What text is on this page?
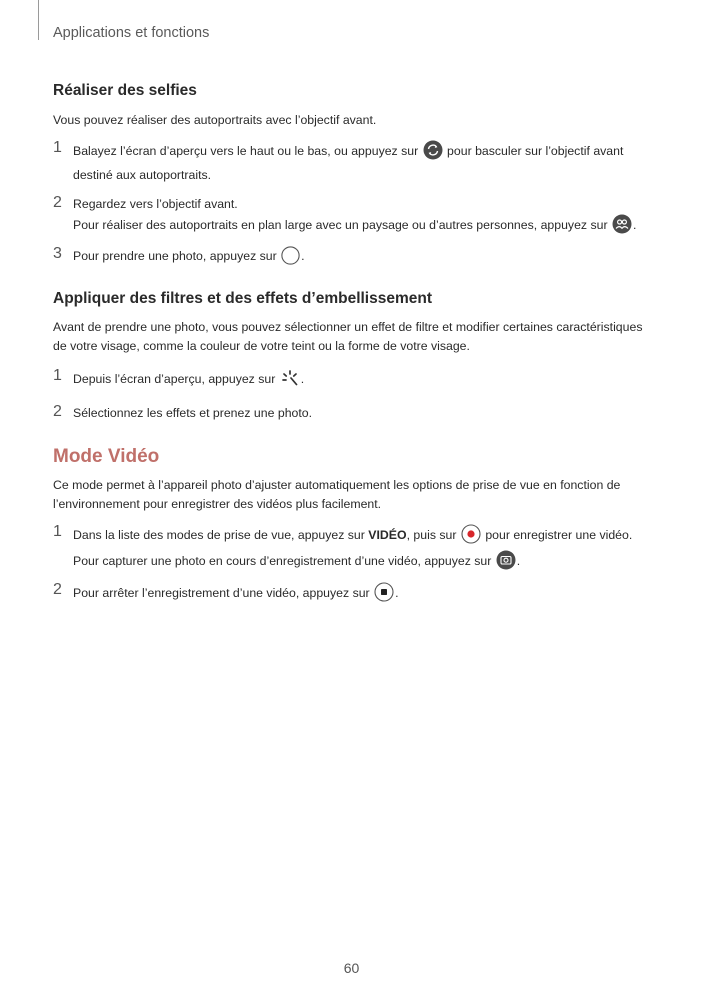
Applications et fonctions
Réaliser des selfies

Vous pouvez réaliser des autoportraits avec l’objectif avant.

1 Balayez l’écran d’aperçu vers le haut ou le bas, ou appuyez sur pour basculer sur l’objectif avant
destiné aux autoportraits.
2 Regardez vers l’objectif avant.
Pour réaliser des autoportraits en plan large avec un paysage ou d’autres personnes, appuyez sur .
3 Pour prendre une photo, appuyez sur .
Appliquer des filtres et des effets d’embellissement

Avant de prendre une photo, vous pouvez sélectionner un effet de filtre et modifier certaines caractéristiques de votre visage, comme la couleur de votre teint ou la forme de votre visage.

1 Depuis l’écran d’aperçu, appuyez sur .
2 Sélectionnez les effets et prenez une photo.
Mode Vidéo

Ce mode permet à l’appareil photo d’ajuster automatiquement les options de prise de vue en fonction de l’environnement pour enregistrer des vidéos plus facilement.

1 Dans la liste des modes de prise de vue, appuyez sur VIDÉO, puis sur pour enregistrer une vidéo.
Pour capturer une photo en cours d’enregistrement d’une vidéo, appuyez sur .
2 Pour arrêter l’enregistrement d’une vidéo, appuyez sur .
60
